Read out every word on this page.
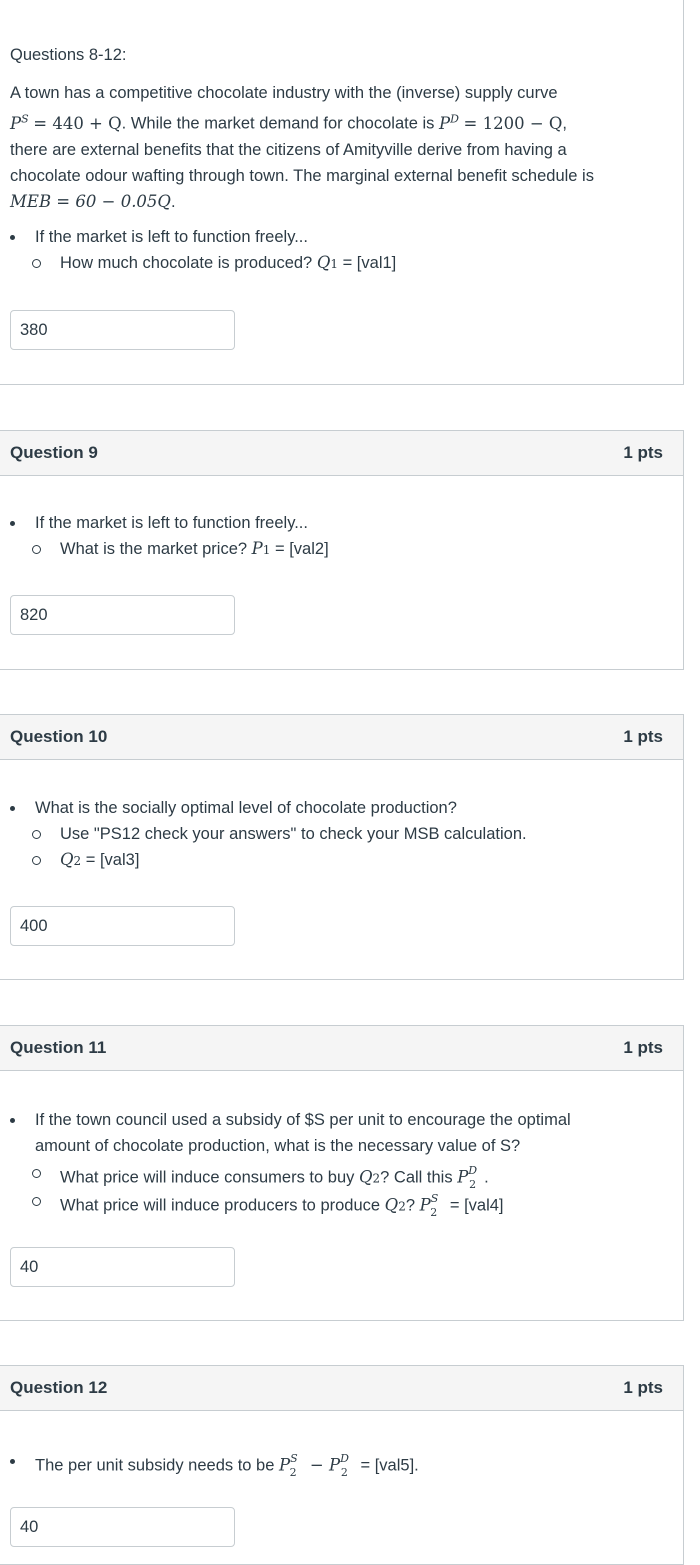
Questions 8-12:
A town has a competitive chocolate industry with the (inverse) supply curve
$P^S = 440 + Q$. While the market demand for chocolate is $P^D = 1200 - Q$,
there are external benefits that the citizens of Amityville derive from having a
chocolate odour wafting through town. The marginal external benefit schedule is
MEB = 60 − 0.05Q.
If the market is left to function freely...
How much chocolate is produced? Q1 = [val1]
380
Question 9	1 pts
If the market is left to function freely...
What is the market price? P1 = [val2]
820
Question 10	1 pts
What is the socially optimal level of chocolate production?
Use "PS12 check your answers" to check your MSB calculation.
Q2 = [val3]
400
Question 11	1 pts
If the town council used a subsidy of $S per unit to encourage the optimal
amount of chocolate production, what is the necessary value of S?
What price will induce consumers to buy Q2? Call this $P^D_2$ .
What price will induce producers to produce Q2? $P^S_2 = [val4]$
40
Question 12	1 pts
The per unit subsidy needs to be $P^S_2 - P^D_2 = [val5]$.
40
